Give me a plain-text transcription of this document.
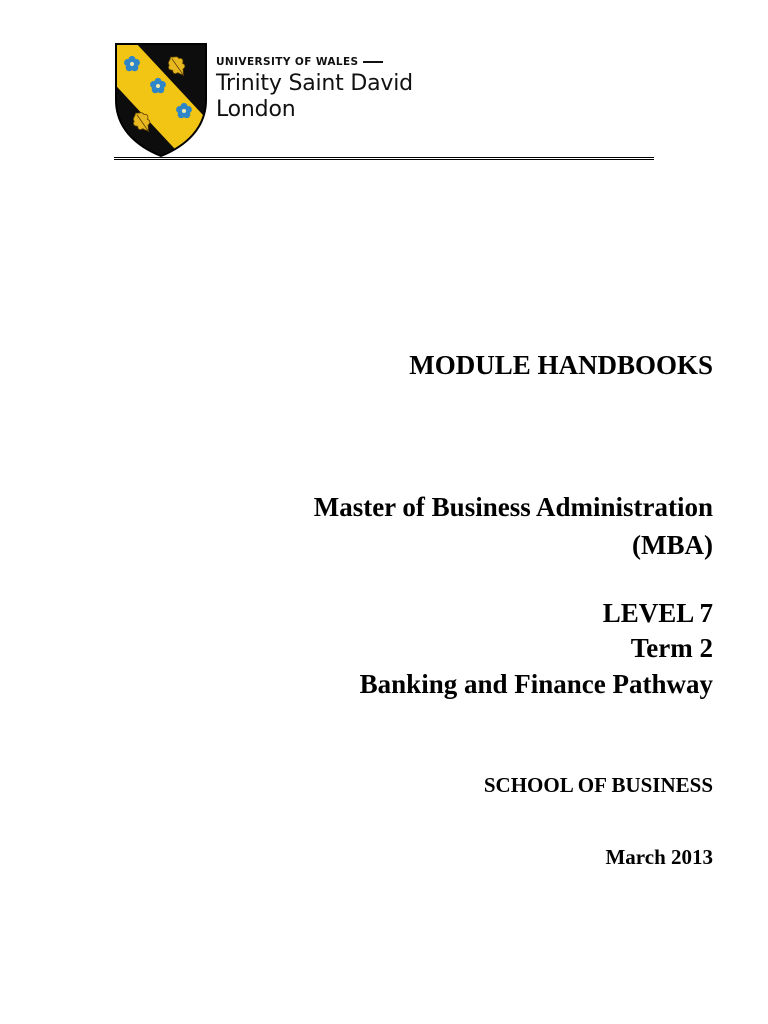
UNIVERSITY OF WALES
Trinity Saint David
London
MODULE HANDBOOKS
Master of Business Administration
(MBA)
LEVEL 7
Term 2
Banking and Finance Pathway
SCHOOL OF BUSINESS
March 2013
